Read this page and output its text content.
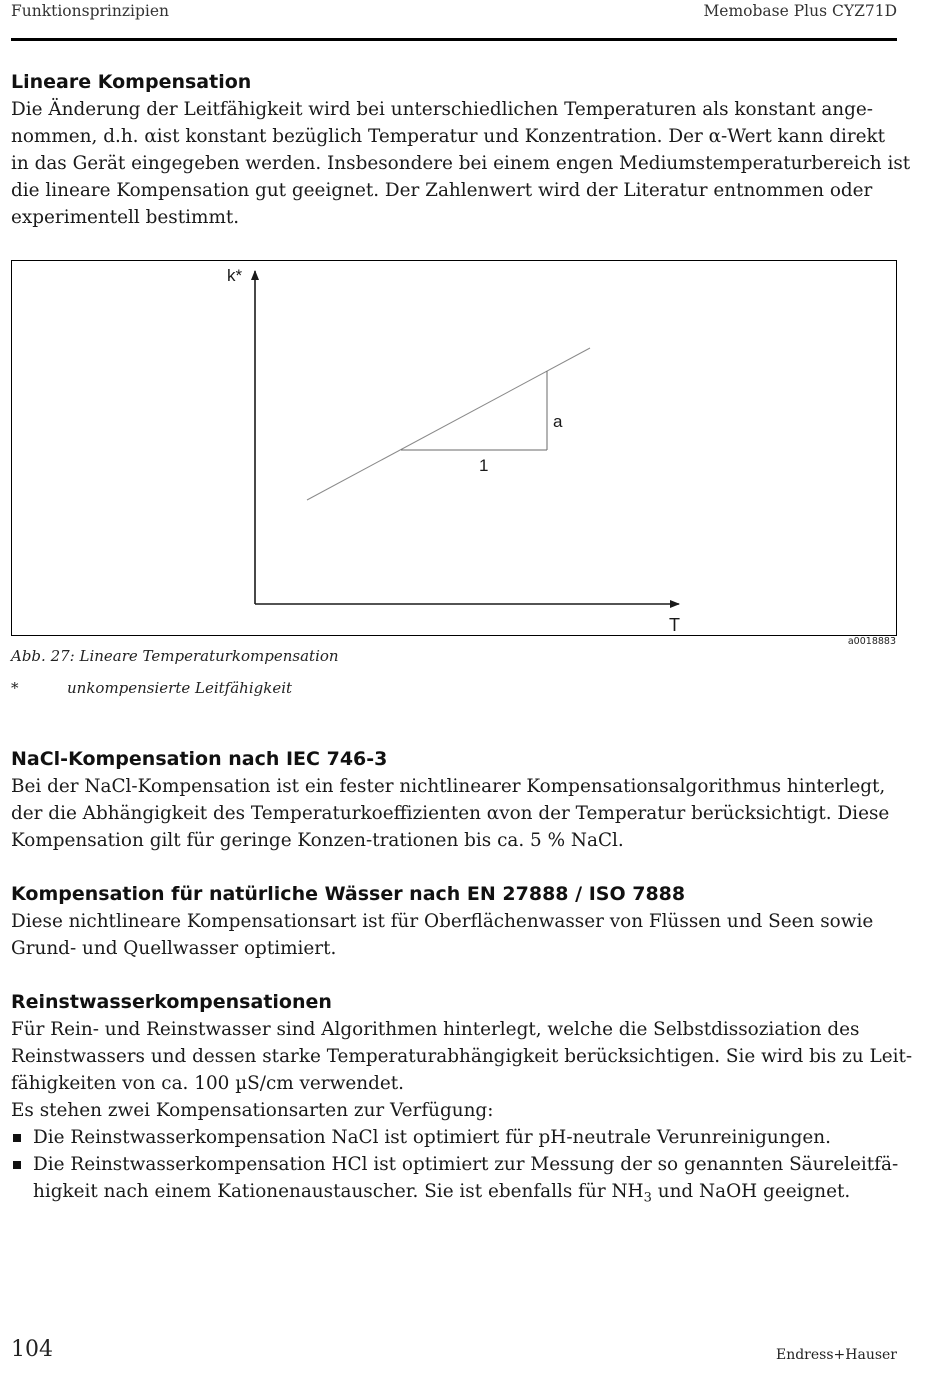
Funktionsprinzipien	Memobase Plus CYZ71D
Lineare Kompensation

Die Änderung der Leitfähigkeit wird bei unterschiedlichen Temperaturen als konstant ange-
nommen, d.h. αist konstant bezüglich Temperatur und Konzentration. Der α-Wert kann direkt
in das Gerät eingegeben werden. Insbesondere bei einem engen Mediumstemperaturbereich ist
die lineare Kompensation gut geeignet. Der Zahlenwert wird der Literatur entnommen oder
experimentell bestimmt.

k*
T
a
1
a0018883
Abb. 27: Lineare Temperaturkompensation
*	unkompensierte Leitfähigkeit
NaCl-Kompensation nach IEC 746-3

Bei der NaCl-Kompensation ist ein fester nichtlinearer Kompensationsalgorithmus hinterlegt,
der die Abhängigkeit des Temperaturkoeffizienten αvon der Temperatur berücksichtigt. Diese
Kompensation gilt für geringe Konzen-trationen bis ca. 5 % NaCl.

Kompensation für natürliche Wässer nach EN 27888 / ISO 7888

Diese nichtlineare Kompensationsart ist für Oberflächenwasser von Flüssen und Seen sowie
Grund- und Quellwasser optimiert.

Reinstwasserkompensationen

Für Rein- und Reinstwasser sind Algorithmen hinterlegt, welche die Selbstdissoziation des
Reinstwassers und dessen starke Temperaturabhängigkeit berücksichtigen. Sie wird bis zu Leit-
fähigkeiten von ca. 100 µS/cm verwendet.
Es stehen zwei Kompensationsarten zur Verfügung:

Die Reinstwasserkompensation NaCl ist optimiert für pH-neutrale Verunreinigungen.
Die Reinstwasserkompensation HCl ist optimiert zur Messung der so genannten Säureleitfä-
higkeit nach einem Kationenaustauscher. Sie ist ebenfalls für $NH_3$ und NaOH geeignet.
104	Endress+Hauser
